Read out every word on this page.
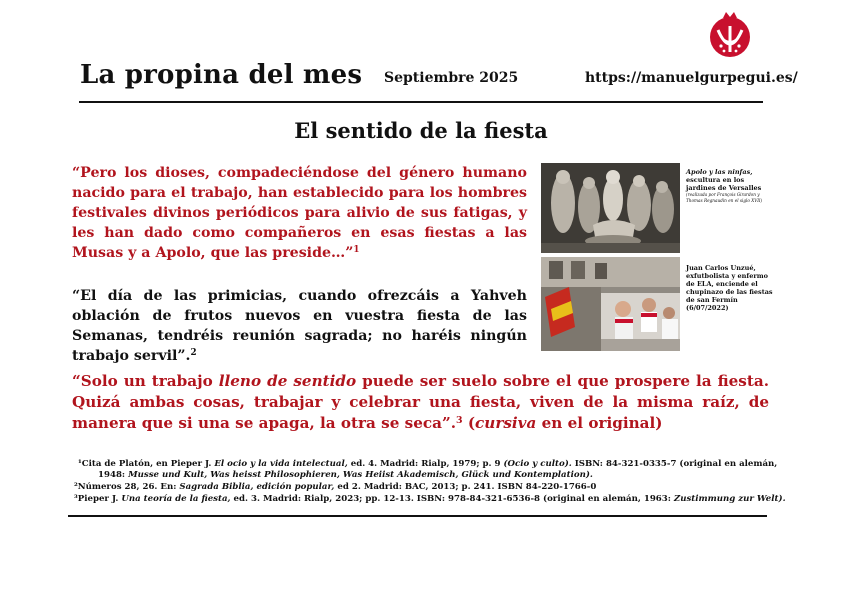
La propina del mes Septiembre 2025	https://manuelgurpegui.es/
El sentido de la fiesta
“Pero los dioses, compadeciéndose del género humano nacido para el trabajo, han establecido para los hombres festivales divinos periódicos para alivio de sus fatigas, y les han dado como compañeros en esas fiestas a las Musas y a Apolo, que las preside…”$^1$
“El día de las primicias, cuando ofrezcáis a Yahveh oblación de frutos nuevos en vuestra fiesta de las Semanas, tendréis reunión sagrada; no haréis ningún trabajo servil”.$^2$
“Solo un trabajo lleno de sentido puede ser suelo sobre el que prospere la fiesta. Quizá ambas cosas, trabajar y celebrar una fiesta, viven de la misma raíz, de manera que si una se apaga, la otra se seca”.$^3$ (cursiva en el original)
Apolo y las ninfas,
escultura en los
jardines de Versalles
(realizada por François Girardon y Thomas Regnaudin en el siglo XVII)
Juan Carlos Unzué, exfutbolista y enfermo de ELA, enciende el chupinazo de las fiestas de san Fermín (6/07/2022)
¹Cita de Platón, en Pieper J. El ocio y la vida intelectual, ed. 4. Madrid: Rialp, 1979; p. 9 (Ocio y culto). ISBN: 84-321-0335-7 (original en alemán,
1948: Musse und Kult, Was heisst Philosophieren, Was Heiist Akademisch, Glück und Kontemplation).
²Números 28, 26. En: Sagrada Biblia, edición popular, ed 2. Madrid: BAC, 2013; p. 241. ISBN 84-220-1766-0
³Pieper J. Una teoría de la fiesta, ed. 3. Madrid: Rialp, 2023; pp. 12-13. ISBN: 978-84-321-6536-8 (original en alemán, 1963: Zustimmung zur Welt).
